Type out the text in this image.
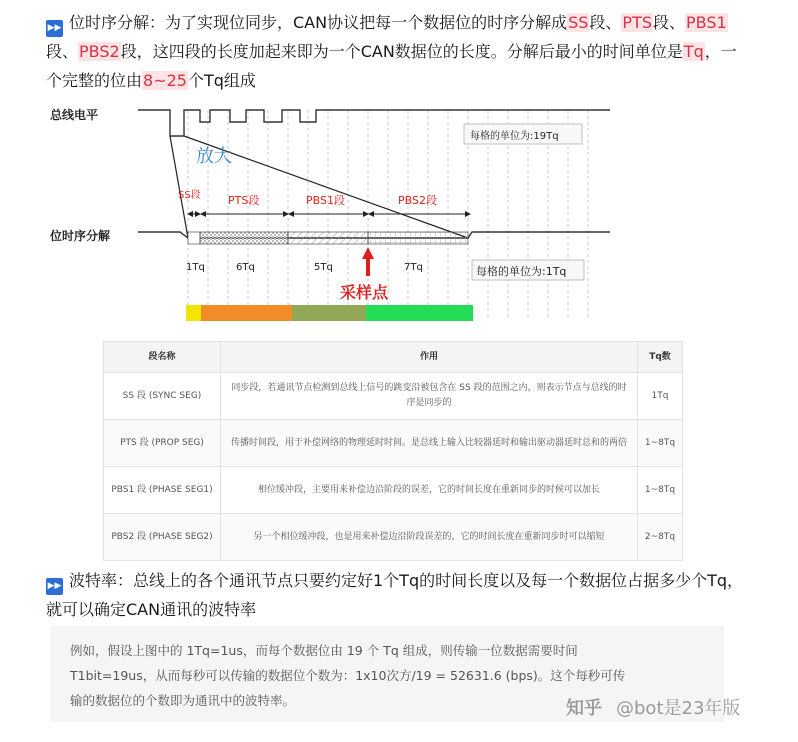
▶▶ 位时序分解：为了实现位同步，CAN协议把每一个数据位的时序分解成SS段、PTS段、PBS1段、PBS2段，这四段的长度加起来即为一个CAN数据位的长度。分解后最小的时间单位是Tq，一个完整的位由8~25个Tq组成
总线电平
位时序分解
放大
每格的单位为:19Tq
SS段 PTS段	PBS1段	PBS2段
1Tq	6Tq	5Tq	7Tq
采样点
每格的单位为:1Tq
段名称	作用	Tq数
SS 段 (SYNC SEG)	同步段，若通讯节点检测到总线上信号的跳变沿被包含在 SS 段的范围之内，则表示节点与总线的时序是同步的	1Tq
PTS 段 (PROP SEG)	传播时间段，用于补偿网络的物理延时时间。是总线上输入比较器延时和输出驱动器延时总和的两倍	1~8Tq
PBS1 段 (PHASE SEG1)	相位缓冲段，主要用来补偿边沿阶段的误差，它的时间长度在重新同步的时候可以加长	1~8Tq
PBS2 段 (PHASE SEG2)	另一个相位缓冲段，也是用来补偿边沿阶段误差的，它的时间长度在重新同步时可以缩短	2~8Tq
▶▶ 波特率：总线上的各个通讯节点只要约定好1个Tq的时间长度以及每一个数据位占据多少个Tq，就可以确定CAN通讯的波特率
例如，假设上图中的 1Tq=1us，而每个数据位由 19 个 Tq 组成，则传输一位数据需要时间
T1bit=19us，从而每秒可以传输的数据位个数为：1x10次方/19 = 52631.6 (bps)。这个每秒可传
输的数据位的个数即为通讯中的波特率。	知乎 @bot是23年版
